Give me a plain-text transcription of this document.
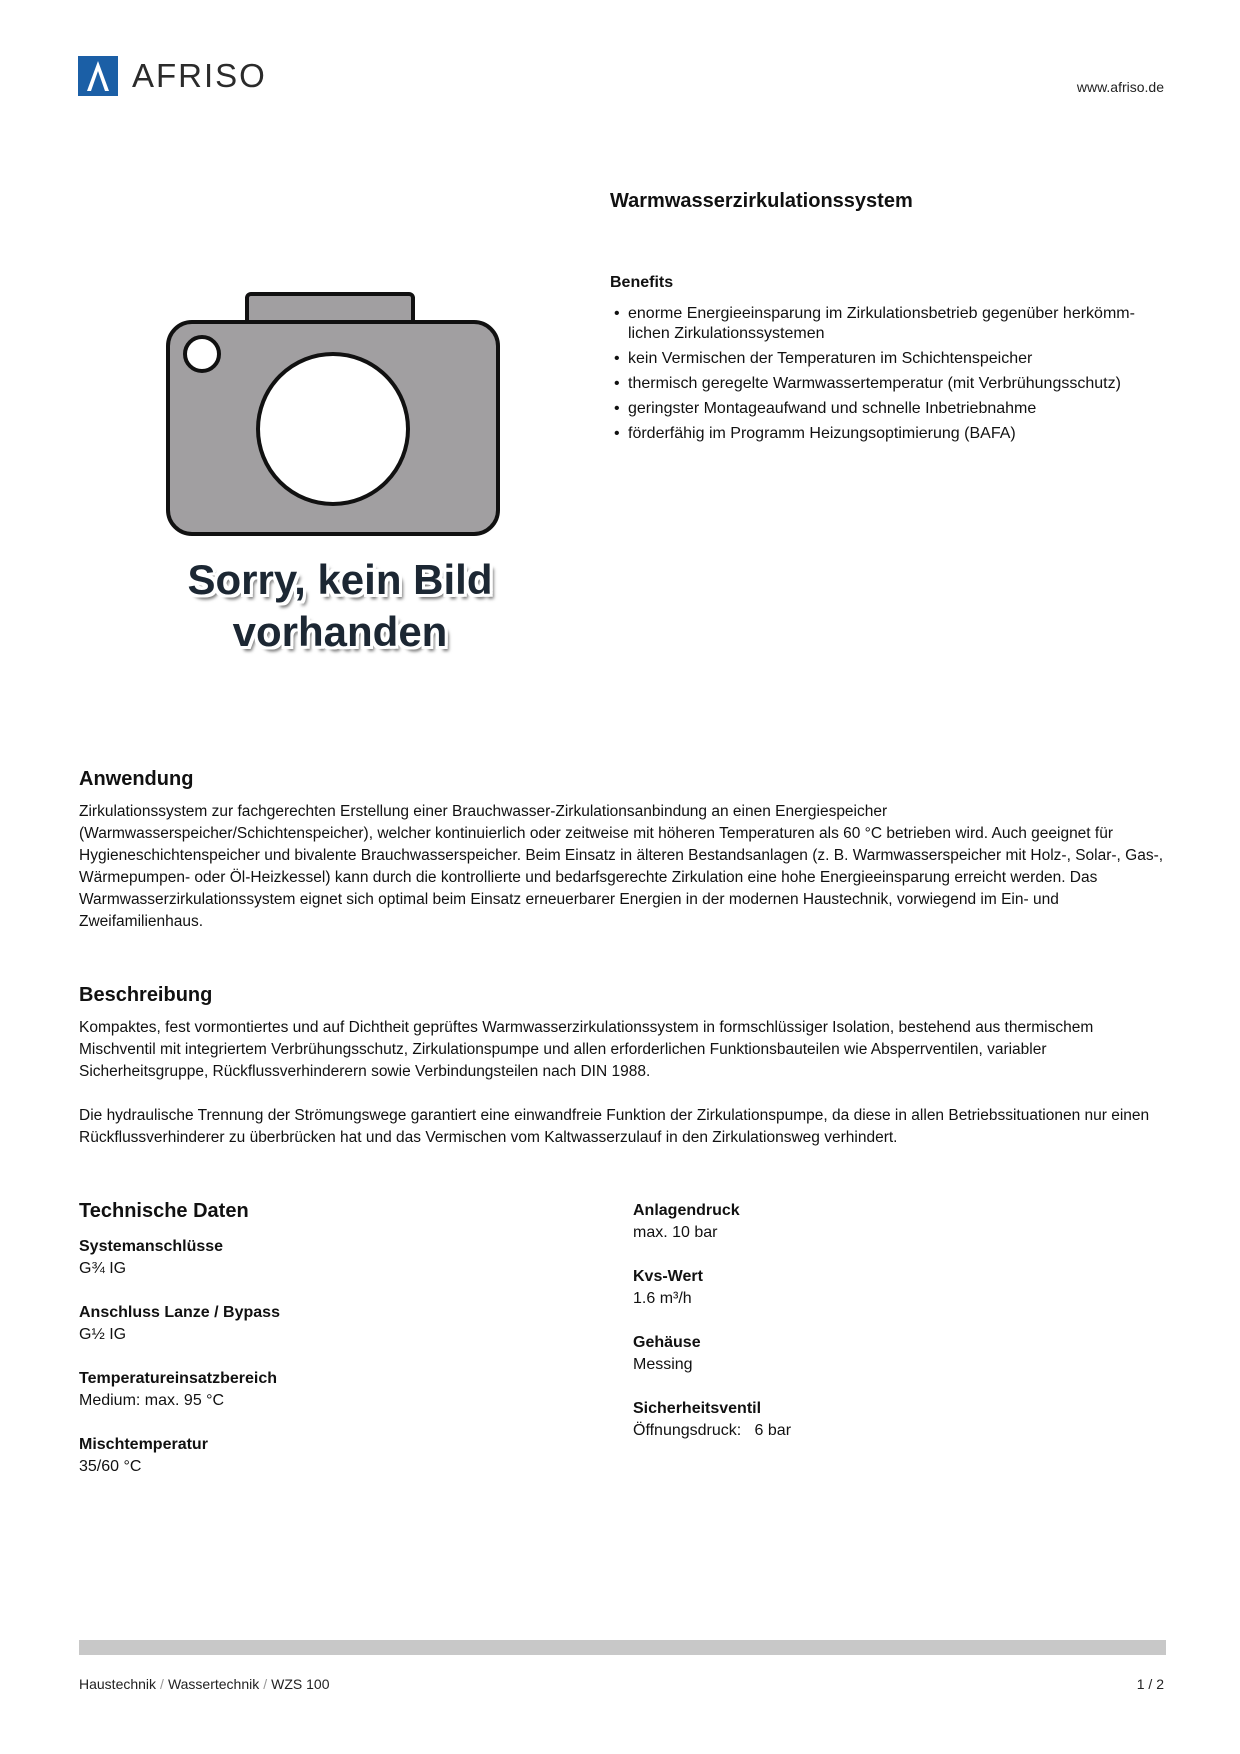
AFRISO	www.afriso.de
Warmwasserzirkulationssystem
Sorry, kein Bild
vorhanden
Benefits
• enorme Energieeinsparung im Zirkulationsbetrieb gegenüber herkömm-lichen Zirkulationssystemen
• kein Vermischen der Temperaturen im Schichtenspeicher
• thermisch geregelte Warmwassertemperatur (mit Verbrühungsschutz)
• geringster Montageaufwand und schnelle Inbetriebnahme
• förderfähig im Programm Heizungsoptimierung (BAFA)
Anwendung

Zirkulationssystem zur fachgerechten Erstellung einer Brauchwasser-Zirkulationsanbindung an einen Energiespeicher (Warmwasserspeicher/Schichtenspeicher), welcher kontinuierlich oder zeitweise mit höheren Temperaturen als 60 °C betrieben wird. Auch geeignet für Hygieneschichtenspeicher und bivalente Brauchwasserspeicher. Beim Einsatz in älteren Bestandsanlagen (z. B. Warmwasserspeicher mit Holz-, Solar-, Gas-, Wärmepumpen- oder Öl-Heizkessel) kann durch die kontrollierte und bedarfsgerechte Zirkulation eine hohe Energieeinsparung erreicht werden. Das Warmwasserzirkulationssystem eignet sich optimal beim Einsatz erneuerbarer Energien in der modernen Haustechnik, vorwiegend im Ein- und Zweifamilienhaus.

Beschreibung

Kompaktes, fest vormontiertes und auf Dichtheit geprüftes Warmwasserzirkulationssystem in formschlüssiger Isolation, bestehend aus thermischem Mischventil mit integriertem Verbrühungsschutz, Zirkulationspumpe und allen erforderlichen Funktionsbauteilen wie Absperrventilen, variabler Sicherheitsgruppe, Rückflussverhinderern sowie Verbindungsteilen nach DIN 1988.

Die hydraulische Trennung der Strömungswege garantiert eine einwandfreie Funktion der Zirkulationspumpe, da diese in allen Betriebssituationen nur einen Rückflussverhinderer zu überbrücken hat und das Vermischen vom Kaltwasserzulauf in den Zirkulationsweg verhindert.

Technische Daten
Systemanschlüsse
G¾ IG
Anschluss Lanze / Bypass
G½ IG
Temperatureinsatzbereich
Medium: max. 95 °C
Mischtemperatur
35/60 °C
Anlagendruck
max. 10 bar
Kvs-Wert
1.6 m³/h
Gehäuse
Messing
Sicherheitsventil
Öffnungsdruck:   6 bar
Haustechnik / Wassertechnik / WZS 100	1 / 2
